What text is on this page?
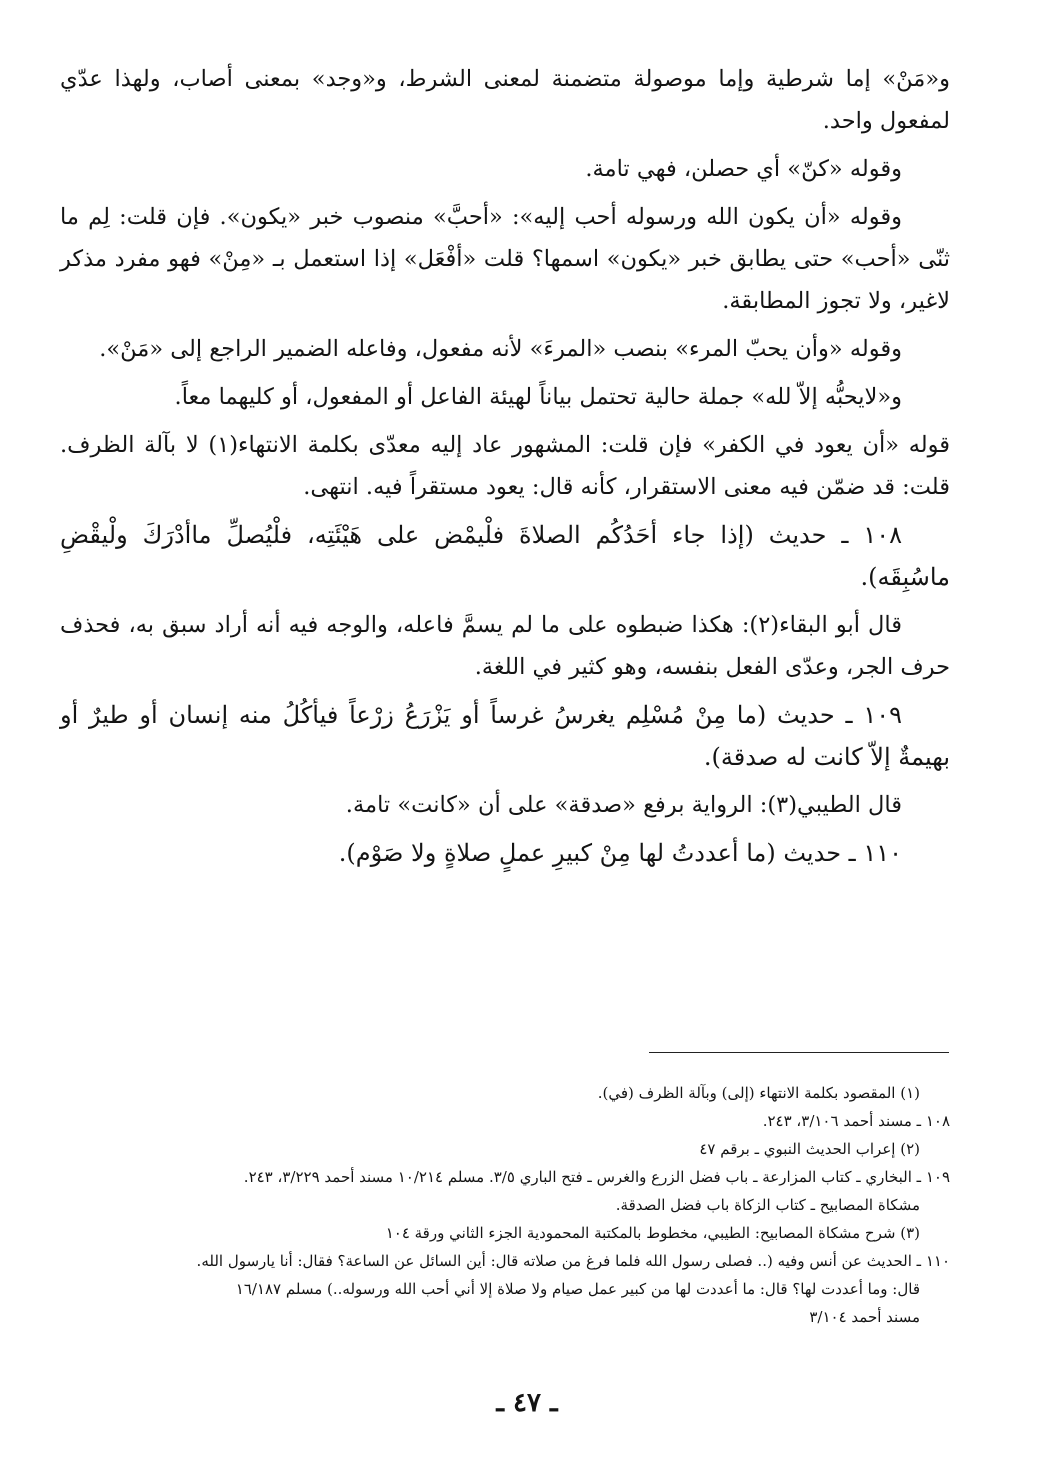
و«مَنْ» إما شرطية وإما موصولة متضمنة لمعنى الشرط، و«وجد» بمعنى أصاب، ولهذا عدّي لمفعول واحد.

وقوله «كنّ» أي حصلن، فهي تامة.

وقوله «أن يكون الله ورسوله أحب إليه»: «أحبَّ» منصوب خبر «يكون». فإن قلت: لِم ما ثنّى «أحب» حتى يطابق خبر «يكون» اسمها؟ قلت «أفْعَل» إذا استعمل بـ «مِنْ» فهو مفرد مذكر لاغير، ولا تجوز المطابقة.

وقوله «وأن يحبّ المرء» بنصب «المرءَ» لأنه مفعول، وفاعله الضمير الراجع إلى «مَنْ».

و«لايحبُّه إلاّ لله» جملة حالية تحتمل بياناً لهيئة الفاعل أو المفعول، أو كليهما معاً.

قوله «أن يعود في الكفر» فإن قلت: المشهور عاد إليه معدّى بكلمة الانتهاء(١) لا بآلة الظرف. قلت: قد ضمّن فيه معنى الاستقرار، كأنه قال: يعود مستقراً فيه. انتهى.

١٠٨ ـ حديث (إذا جاء أحَدُكُم الصلاةَ فلْيمْض على هَيْئَتِه، فلْيُصلِّ ماأدْرَكَ ولْيقْضِ ماسُبِقَه).

قال أبو البقاء(٢): هكذا ضبطوه على ما لم يسمَّ فاعله، والوجه فيه أنه أراد سبق به، فحذف حرف الجر، وعدّى الفعل بنفسه، وهو كثير في اللغة.

١٠٩ ـ حديث (ما مِنْ مُسْلِم يغرسُ غرساً أو يَزْرَعُ زرْعاً فيأكُلُ منه إنسان أو طيرٌ أو بهيمةٌ إلاّ كانت له صدقة).

قال الطيبي(٣): الرواية برفع «صدقة» على أن «كانت» تامة.

١١٠ ـ حديث (ما أعددتُ لها مِنْ كبيرِ عملٍ صلاةٍ ولا صَوْم).

(١) المقصود بكلمة الانتهاء (إلى) وبآلة الظرف (في).

١٠٨ ـ مسند أحمد ٣/١٠٦، ٢٤٣.

(٢) إعراب الحديث النبوي ـ برقم ٤٧

١٠٩ ـ البخاري ـ كتاب المزارعة ـ باب فضل الزرع والغرس ـ فتح الباري ٣/٥. مسلم ١٠/٢١٤ مسند أحمد ٣/٢٢٩، ٢٤٣.

مشكاة المصابيح ـ كتاب الزكاة باب فضل الصدقة.

(٣) شرح مشكاة المصابيح: الطيبي، مخطوط بالمكتبة المحمودية الجزء الثاني ورقة ١٠٤

١١٠ ـ الحديث عن أنس وفيه (.. فصلى رسول الله فلما فرغ من صلاته قال: أين السائل عن الساعة؟ فقال: أنا يارسول الله.

قال: وما أعددت لها؟ قال: ما أعددت لها من كبير عمل صيام ولا صلاة إلا أني أحب الله ورسوله..) مسلم ١٦/١٨٧

مسند أحمد ٣/١٠٤

ـ ٤٧ ـ
